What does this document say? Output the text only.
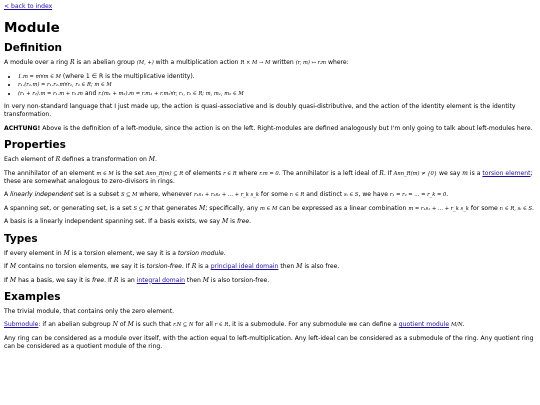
< back to index
Module
Definition

A module over a ring R is an abelian group (M, +) with a multiplication action R × M → M written (r, m) ↦ r.m where:

• 1.m = m∀m ∈ M (where 1 ∈ R is the multiplicative identity).
• r₁.(r₂.m) = r₁.r₂.m∀r₁, r₂ ∈ R; m ∈ M
• (r₁ + r₂).m = r₁.m + r₂.m and r.(m₁ + m₂).m = r.m₁ + r.m₂∀r, r₁, r₂ ∈ R; m, m₁, m₂ ∈ M

In very non-standard language that I just made up, the action is quasi-associative and is doubly quasi-distributive, and the action of the identity element is the identity transformation.

ACHTUNG! Above is the definition of a left-module, since the action is on the left. Right-modules are defined analogously but I'm only going to talk about left-modules here.

Properties

Each element of R defines a transformation on M.

The annihilator of an element m ∈ M is the set Ann_R(m) ⊆ R of elements r ∈ R where r.m = 0. The annihilator is a left ideal of R. If Ann_R(m) ≠ {0} we say m is a torsion element; these are somewhat analogous to zero-divisors in rings.

A linearly independent set is a subset S ⊆ M where, whenever r₁s₁ + r₂s₂ + … + r_k s_k for some rᵢ ∈ R and distinct sᵢ ∈ S, we have r₁ = r₂ = … = r_k = 0.

A spanning set, or generating set, is a set S ⊆ M that generates M; specifically, any m ∈ M can be expressed as a linear combination m = r₁s₁ + … + r_k s_k for some rᵢ ∈ R, sᵢ ∈ S.

A basis is a linearly independent spanning set. If a basis exists, we say M is free.

Types

If every element in M is a torsion element, we say it is a torsion module.

If M contains no torsion elements, we say it is torsion-free. If R is a principal ideal domain then M is also free.

If M has a basis, we say it is free. If R is an integral domain then M is also torsion-free.

Examples

The trivial module, that contains only the zero element.

Submodule: if an abelian subgroup N of M is such that r.N ⊆ N for all r ∈ R, it is a submodule. For any submodule we can define a quotient module M/N.

Any ring can be considered as a module over itself, with the action equal to left-multiplication. Any left-ideal can be considered as a submodule of the ring. Any quotient ring can be considered as a quotient module of the ring.
